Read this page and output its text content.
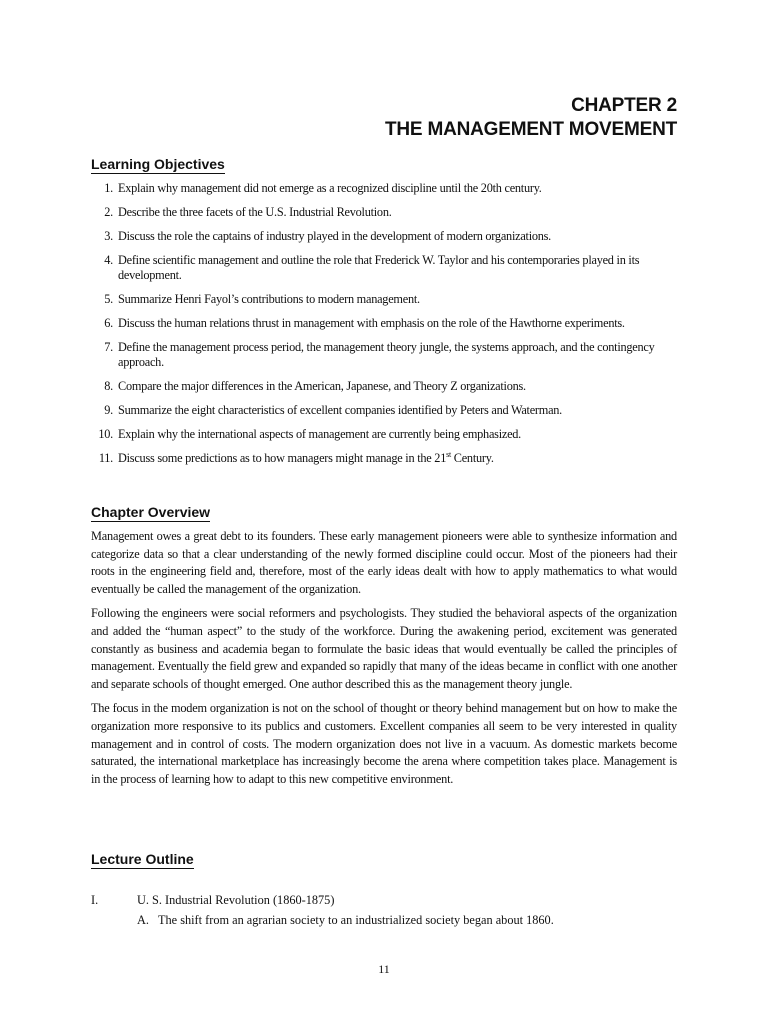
CHAPTER 2
THE MANAGEMENT MOVEMENT
Learning Objectives
1. Explain why management did not emerge as a recognized discipline until the 20th century.
2. Describe the three facets of the U.S. Industrial Revolution.
3. Discuss the role the captains of industry played in the development of modern organizations.
4. Define scientific management and outline the role that Frederick W. Taylor and his contemporaries played in its development.
5. Summarize Henri Fayol’s contributions to modern management.
6. Discuss the human relations thrust in management with emphasis on the role of the Hawthorne experiments.
7. Define the management process period, the management theory jungle, the systems approach, and the contingency approach.
8. Compare the major differences in the American, Japanese, and Theory Z organizations.
9. Summarize the eight characteristics of excellent companies identified by Peters and Waterman.
10. Explain why the international aspects of management are currently being emphasized.
11. Discuss some predictions as to how managers might manage in the 21st Century.
Chapter Overview

Management owes a great debt to its founders. These early management pioneers were able to synthesize information and categorize data so that a clear understanding of the newly formed discipline could occur. Most of the pioneers had their roots in the engineering field and, therefore, most of the early ideas dealt with how to apply mathematics to what would eventually be called the management of the organization.

Following the engineers were social reformers and psychologists. They studied the behavioral aspects of the organization and added the “human aspect” to the study of the workforce. During the awakening period, excitement was generated constantly as business and academia began to formulate the basic ideas that would eventually be called the principles of management. Eventually the field grew and expanded so rapidly that many of the ideas became in conflict with one another and separate schools of thought emerged. One author described this as the management theory jungle.

The focus in the modem organization is not on the school of thought or theory behind management but on how to make the organization more responsive to its publics and customers. Excellent companies all seem to be very interested in quality management and in control of costs. The modern organization does not live in a vacuum. As domestic markets become saturated, the international marketplace has increasingly become the arena where competition takes place. Management is in the process of learning how to adapt to this new competitive environment.

Lecture Outline
I.	U. S. Industrial Revolution (1860-1875)
A. The shift from an agrarian society to an industrialized society began about 1860.
11
